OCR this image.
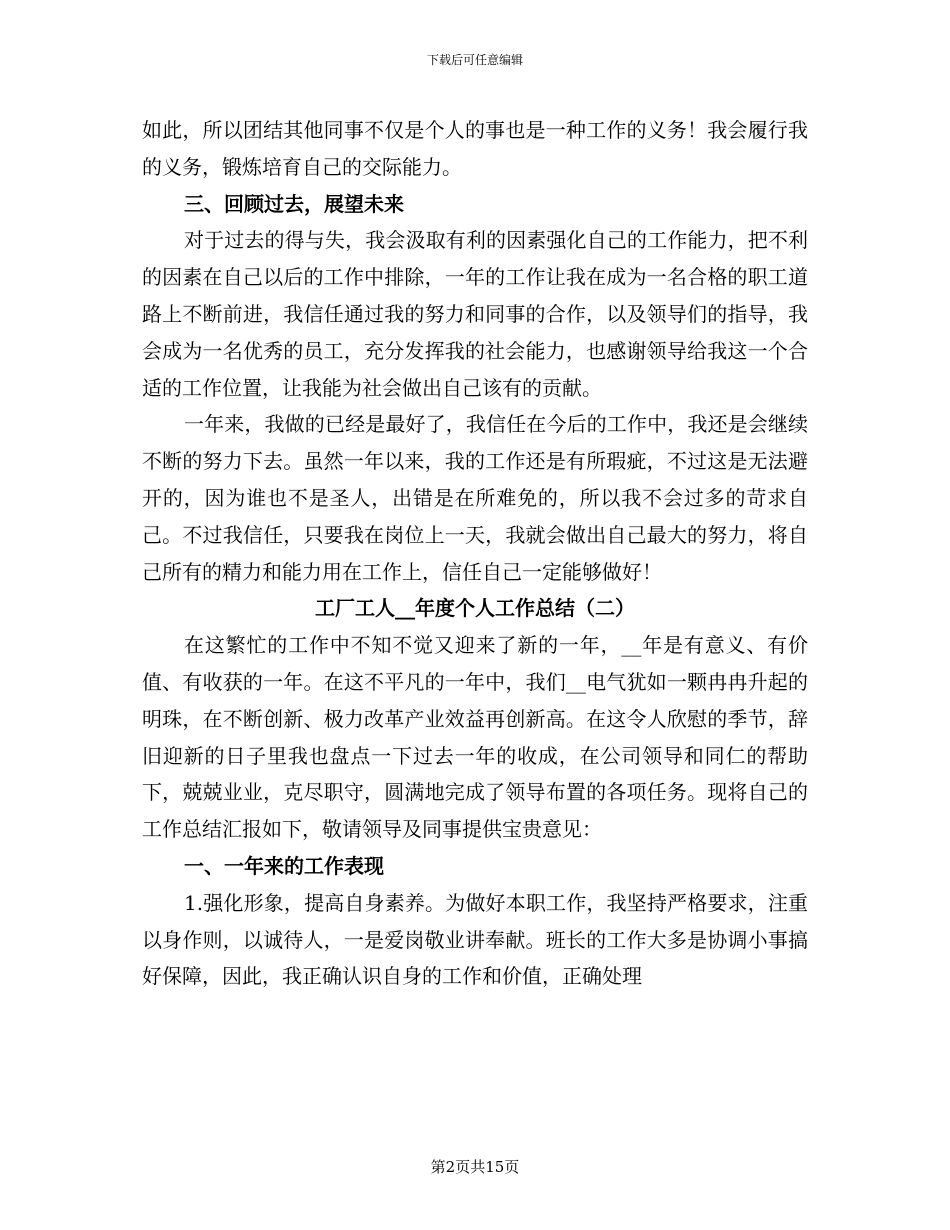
下载后可任意编辑

如此，所以团结其他同事不仅是个人的事也是一种工作的义务！我会履行我的义务，锻炼培育自己的交际能力。

三、回顾过去，展望未来

对于过去的得与失，我会汲取有利的因素强化自己的工作能力，把不利的因素在自己以后的工作中排除，一年的工作让我在成为一名合格的职工道路上不断前进，我信任通过我的努力和同事的合作，以及领导们的指导，我会成为一名优秀的员工，充分发挥我的社会能力，也感谢领导给我这一个合适的工作位置，让我能为社会做出自己该有的贡献。

一年来，我做的已经是最好了，我信任在今后的工作中，我还是会继续不断的努力下去。虽然一年以来，我的工作还是有所瑕疵，不过这是无法避开的，因为谁也不是圣人，出错是在所难免的，所以我不会过多的苛求自己。不过我信任，只要我在岗位上一天，我就会做出自己最大的努力，将自己所有的精力和能力用在工作上，信任自己一定能够做好！

工厂工人__年度个人工作总结（二）

在这繁忙的工作中不知不觉又迎来了新的一年，__年是有意义、有价值、有收获的一年。在这不平凡的一年中，我们__电气犹如一颗冉冉升起的明珠，在不断创新、极力改革产业效益再创新高。在这令人欣慰的季节，辞旧迎新的日子里我也盘点一下过去一年的收成，在公司领导和同仁的帮助下，兢兢业业，克尽职守，圆满地完成了领导布置的各项任务。现将自己的工作总结汇报如下，敬请领导及同事提供宝贵意见：

一、一年来的工作表现

1.强化形象，提高自身素养。为做好本职工作，我坚持严格要求，注重以身作则，以诚待人，一是爱岗敬业讲奉献。班长的工作大多是协调小事搞好保障，因此，我正确认识自身的工作和价值，正确处理

第2页共15页
